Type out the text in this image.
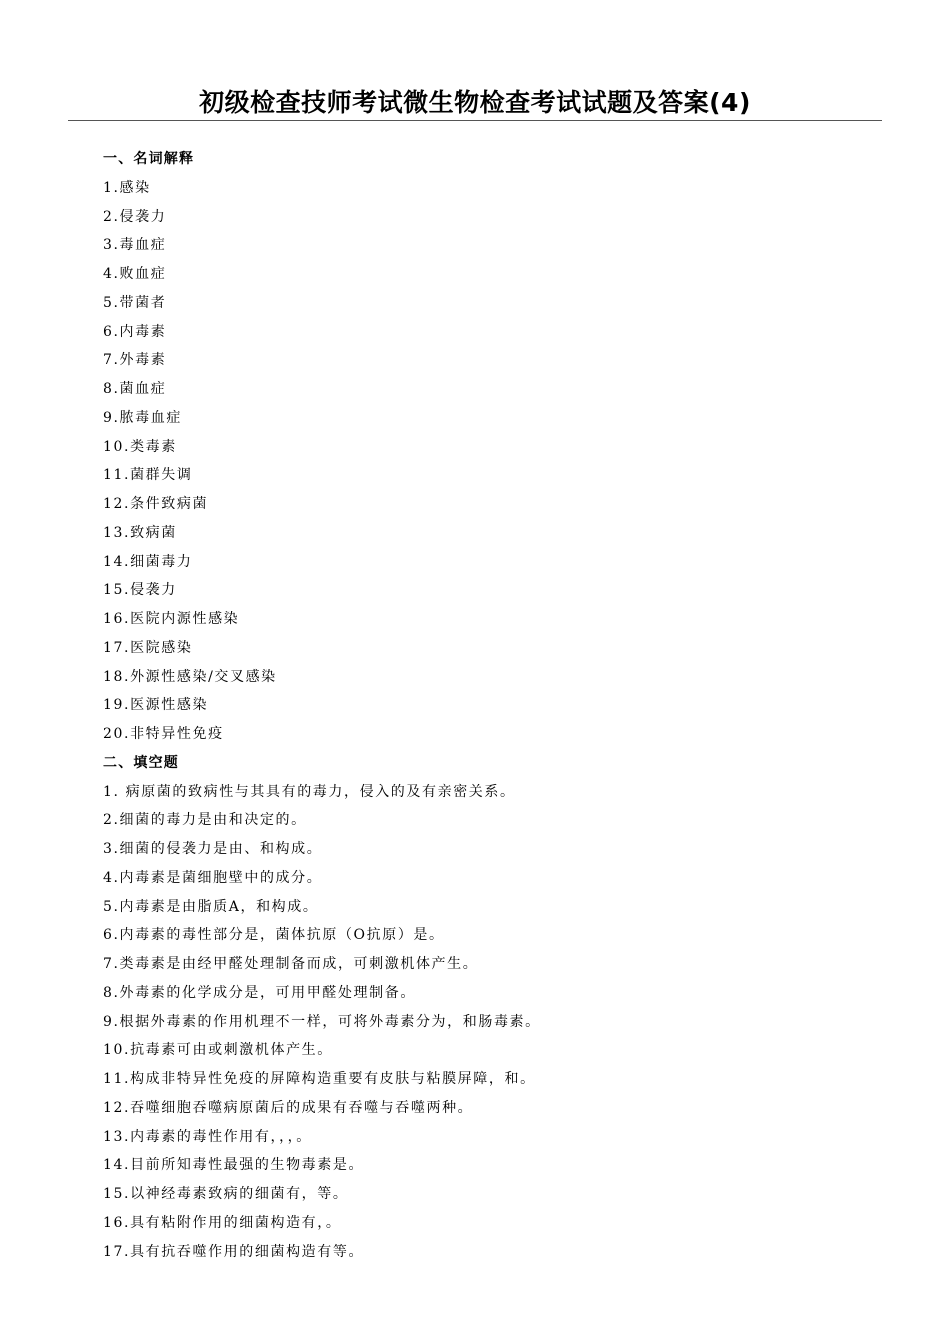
初级检查技师考试微生物检查考试试题及答案(4)
一、名词解释
1.感染
2.侵袭力
3.毒血症
4.败血症
5.带菌者
6.内毒素
7.外毒素
8.菌血症
9.脓毒血症
10.类毒素
11.菌群失调
12.条件致病菌
13.致病菌
14.细菌毒力
15.侵袭力
16.医院内源性感染
17.医院感染
18.外源性感染/交叉感染
19.医源性感染
20.非特异性免疫
二、填空题
1. 病原菌的致病性与其具有的毒力，侵入的及有亲密关系。
2.细菌的毒力是由和决定的。
3.细菌的侵袭力是由、和构成。
4.内毒素是菌细胞壁中的成分。
5.内毒素是由脂质A，和构成。
6.内毒素的毒性部分是，菌体抗原（O抗原）是。
7.类毒素是由经甲醛处理制备而成，可刺激机体产生。
8.外毒素的化学成分是，可用甲醛处理制备。
9.根据外毒素的作用机理不一样，可将外毒素分为，和肠毒素。
10.抗毒素可由或刺激机体产生。
11.构成非特异性免疫的屏障构造重要有皮肤与粘膜屏障，和。
12.吞噬细胞吞噬病原菌后的成果有吞噬与吞噬两种。
13.内毒素的毒性作用有，，，。
14.目前所知毒性最强的生物毒素是。
15.以神经毒素致病的细菌有，等。
16.具有粘附作用的细菌构造有，。
17.具有抗吞噬作用的细菌构造有等。
